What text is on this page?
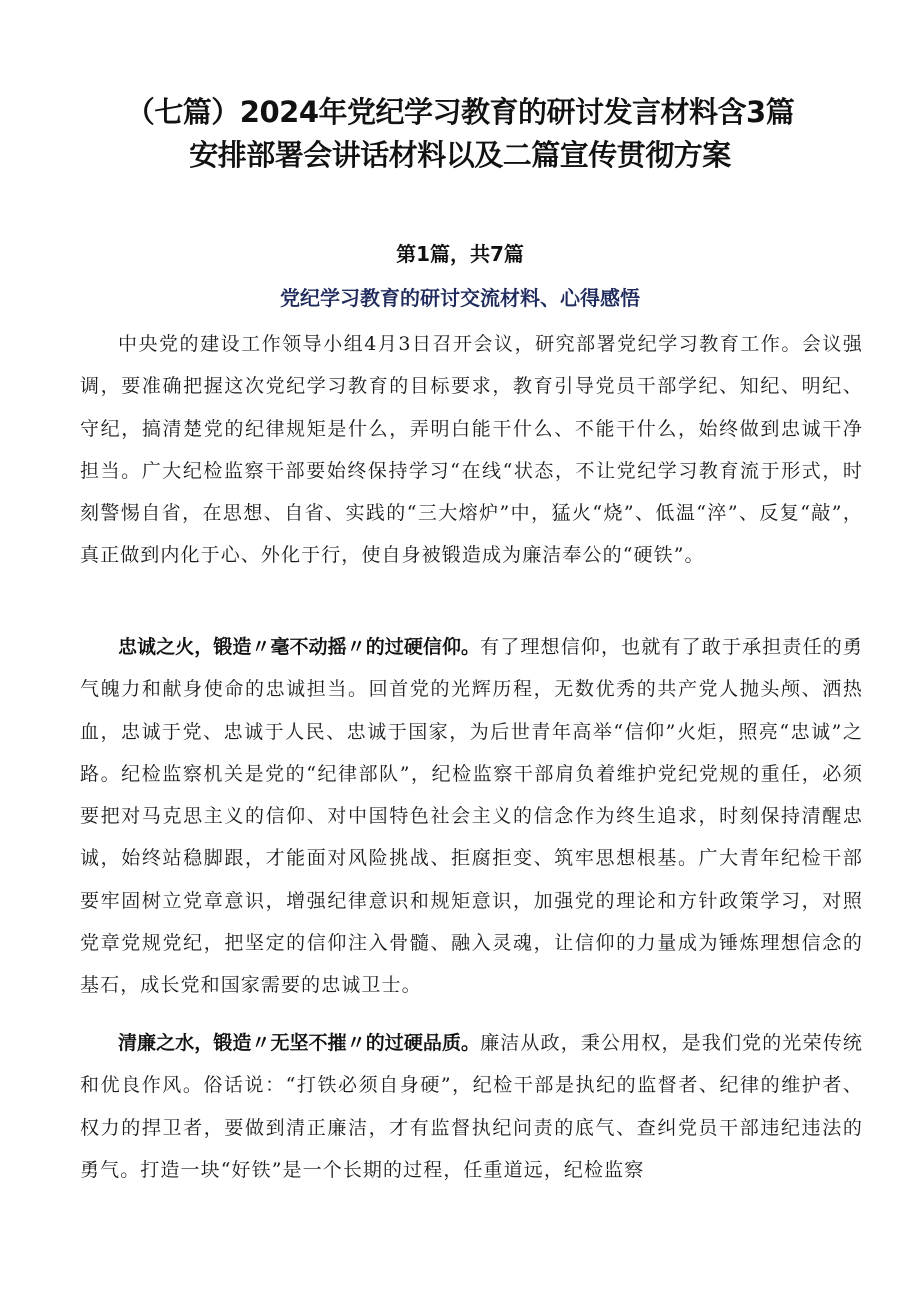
（七篇）2024年党纪学习教育的研讨发言材料含3篇
安排部署会讲话材料以及二篇宣传贯彻方案
第1篇，共7篇
党纪学习教育的研讨交流材料、心得感悟

中央党的建设工作领导小组4月3日召开会议，研究部署党纪学习教育工作。会议强调，要准确把握这次党纪学习教育的目标要求，教育引导党员干部学纪、知纪、明纪、守纪，搞清楚党的纪律规矩是什么，弄明白能干什么、不能干什么，始终做到忠诚干净担当。广大纪检监察干部要始终保持学习“在线“状态，不让党纪学习教育流于形式，时刻警惕自省，在思想、自省、实践的“三大熔炉”中，猛火“烧”、低温“淬”、反复“敲”，真正做到内化于心、外化于行，使自身被锻造成为廉洁奉公的“硬铁”。

忠诚之火，锻造〃毫不动摇〃的过硬信仰。有了理想信仰，也就有了敢于承担责任的勇气魄力和献身使命的忠诚担当。回首党的光辉历程，无数优秀的共产党人抛头颅、洒热血，忠诚于党、忠诚于人民、忠诚于国家，为后世青年高举“信仰”火炬，照亮“忠诚”之路。纪检监察机关是党的“纪律部队”，纪检监察干部肩负着维护党纪党规的重任，必须要把对马克思主义的信仰、对中国特色社会主义的信念作为终生追求，时刻保持清醒忠诚，始终站稳脚跟，才能面对风险挑战、拒腐拒变、筑牢思想根基。广大青年纪检干部要牢固树立党章意识，增强纪律意识和规矩意识，加强党的理论和方针政策学习，对照党章党规党纪，把坚定的信仰注入骨髓、融入灵魂，让信仰的力量成为锤炼理想信念的基石，成长党和国家需要的忠诚卫士。

清廉之水，锻造〃无坚不摧〃的过硬品质。廉洁从政，秉公用权，是我们党的光荣传统和优良作风。俗话说：“打铁必须自身硬”，纪检干部是执纪的监督者、纪律的维护者、权力的捍卫者，要做到清正廉洁，才有监督执纪问责的底气、查纠党员干部违纪违法的勇气。打造一块“好铁”是一个长期的过程，任重道远，纪检监察
